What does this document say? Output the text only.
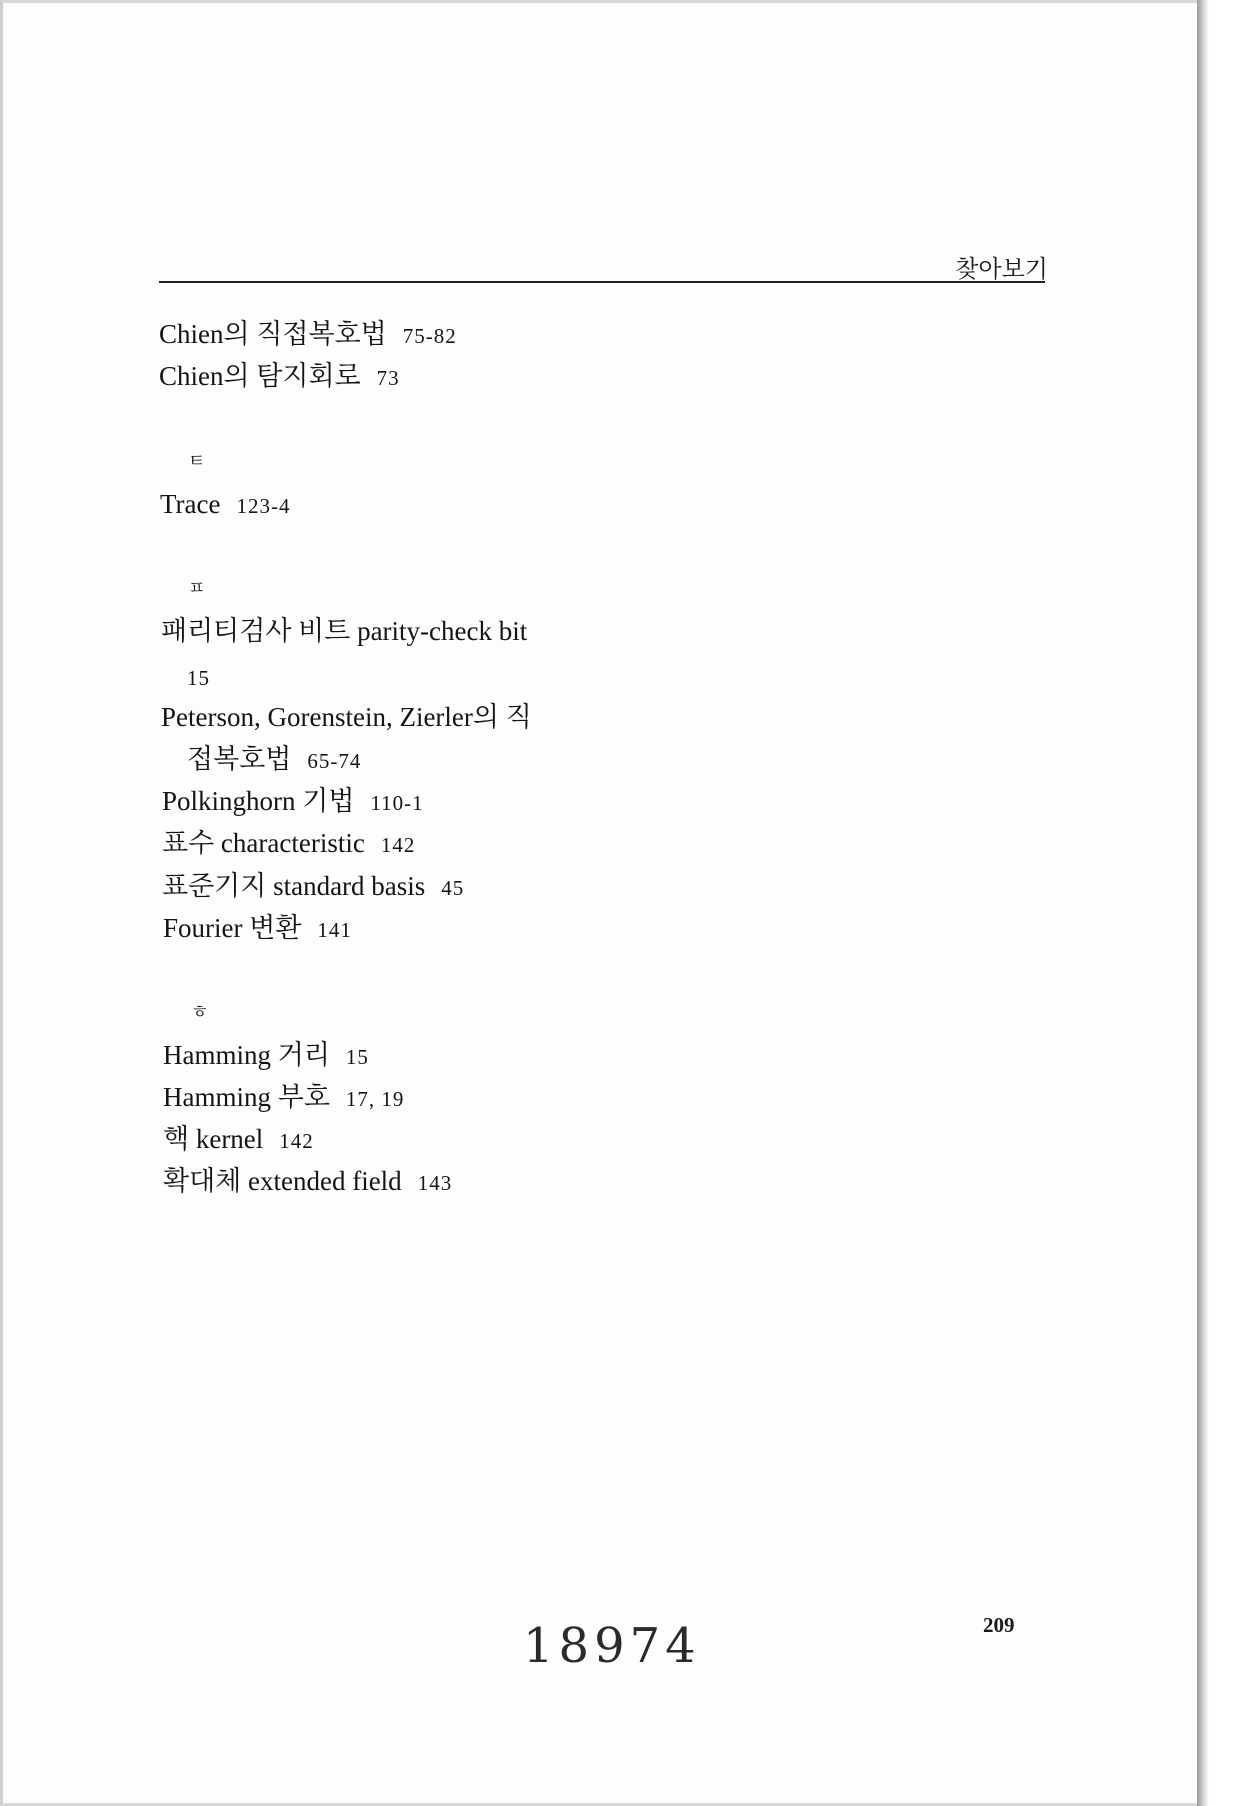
찾아보기
Chien의 직접복호법 75-82
Chien의 탐지회로 73
ㅌ
Trace 123-4
ㅍ
패리티검사 비트 parity-check bit
15
Peterson, Gorenstein, Zierler의 직
접복호법 65-74
Polkinghorn 기법 110-1
표수 characteristic 142
표준기지 standard basis 45
Fourier 변환 141
ㅎ
Hamming 거리 15
Hamming 부호 17, 19
핵 kernel 142
확대체 extended field 143
18974	209
